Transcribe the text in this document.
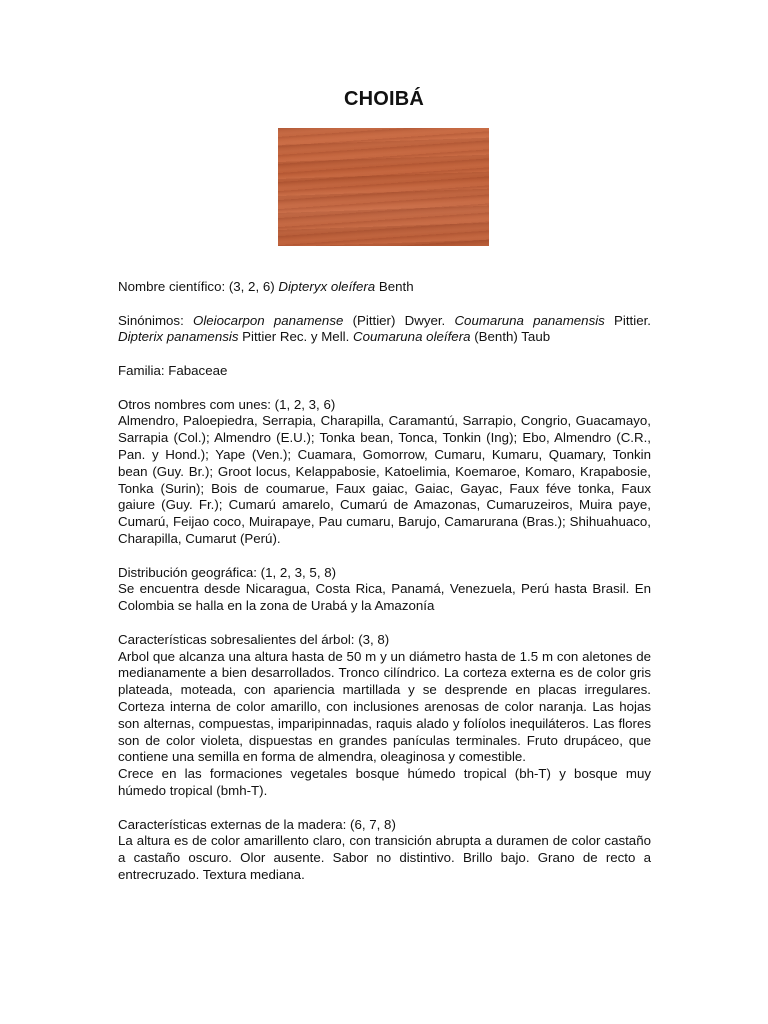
CHOIBÁ

Nombre científico: (3, 2, 6) Dipteryx oleífera Benth

Sinónimos: Oleiocarpon panamense (Pittier) Dwyer. Coumaruna panamensis Pittier. Dipterix panamensis Pittier Rec. y Mell. Coumaruna oleífera (Benth) Taub

Familia: Fabaceae

Otros nombres com unes: (1, 2, 3, 6)

Almendro, Paloepiedra, Serrapia, Charapilla, Caramantú, Sarrapio, Congrio, Guacamayo, Sarrapia (Col.); Almendro (E.U.); Tonka bean, Tonca, Tonkin (Ing); Ebo, Almendro (C.R., Pan. y Hond.); Yape (Ven.); Cuamara, Gomorrow, Cumaru, Kumaru, Quamary, Tonkin bean (Guy. Br.); Groot locus, Kelappabosie, Katoelimia, Koemaroe, Komaro, Krapabosie, Tonka (Surin); Bois de coumarue, Faux gaiac, Gaiac, Gayac, Faux féve tonka, Faux gaiure (Guy. Fr.); Cumarú amarelo, Cumarú de Amazonas, Cumaruzeiros, Muira paye, Cumarú, Feijao coco, Muirapaye, Pau cumaru, Barujo, Camarurana (Bras.); Shihuahuaco, Charapilla, Cumarut (Perú).

Distribución geográfica: (1, 2, 3, 5, 8)

Se encuentra desde Nicaragua, Costa Rica, Panamá, Venezuela, Perú hasta Brasil. En Colombia se halla en la zona de Urabá y la Amazonía

Características sobresalientes del árbol: (3, 8)

Arbol que alcanza una altura hasta de 50 m y un diámetro hasta de 1.5 m con aletones de medianamente a bien desarrollados. Tronco cilíndrico. La corteza externa es de color gris plateada, moteada, con apariencia martillada y se desprende en placas irregulares. Corteza interna de color amarillo, con inclusiones arenosas de color naranja. Las hojas son alternas, compuestas, imparipinnadas, raquis alado y folíolos inequiláteros. Las flores son de color violeta, dispuestas en grandes panículas terminales. Fruto drupáceo, que contiene una semilla en forma de almendra, oleaginosa y comestible.

Crece en las formaciones vegetales bosque húmedo tropical (bh-T) y bosque muy húmedo tropical (bmh-T).

Características externas de la madera: (6, 7, 8)

La altura es de color amarillento claro, con transición abrupta a duramen de color castaño a castaño oscuro. Olor ausente. Sabor no distintivo. Brillo bajo. Grano de recto a entrecruzado. Textura mediana.
